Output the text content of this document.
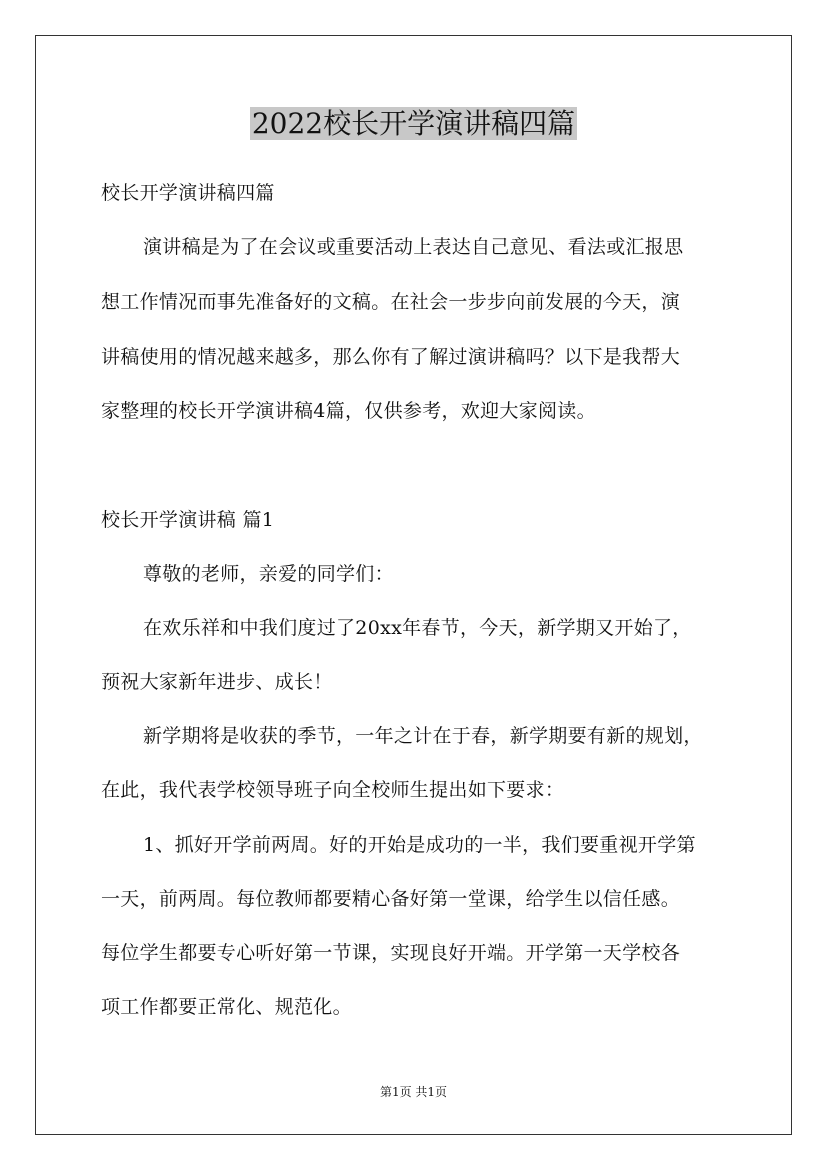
2022校长开学演讲稿四篇
校长开学演讲稿四篇
演讲稿是为了在会议或重要活动上表达自己意见、看法或汇报思
想工作情况而事先准备好的文稿。在社会一步步向前发展的今天，演
讲稿使用的情况越来越多，那么你有了解过演讲稿吗？以下是我帮大
家整理的校长开学演讲稿4篇，仅供参考，欢迎大家阅读。
校长开学演讲稿 篇1
尊敬的老师，亲爱的同学们：
在欢乐祥和中我们度过了20xx年春节，今天，新学期又开始了，
预祝大家新年进步、成长！
新学期将是收获的季节，一年之计在于春，新学期要有新的规划，
在此，我代表学校领导班子向全校师生提出如下要求：
1、抓好开学前两周。好的开始是成功的一半，我们要重视开学第
一天，前两周。每位教师都要精心备好第一堂课，给学生以信任感。
每位学生都要专心听好第一节课，实现良好开端。开学第一天学校各
项工作都要正常化、规范化。
第1页 共1页
